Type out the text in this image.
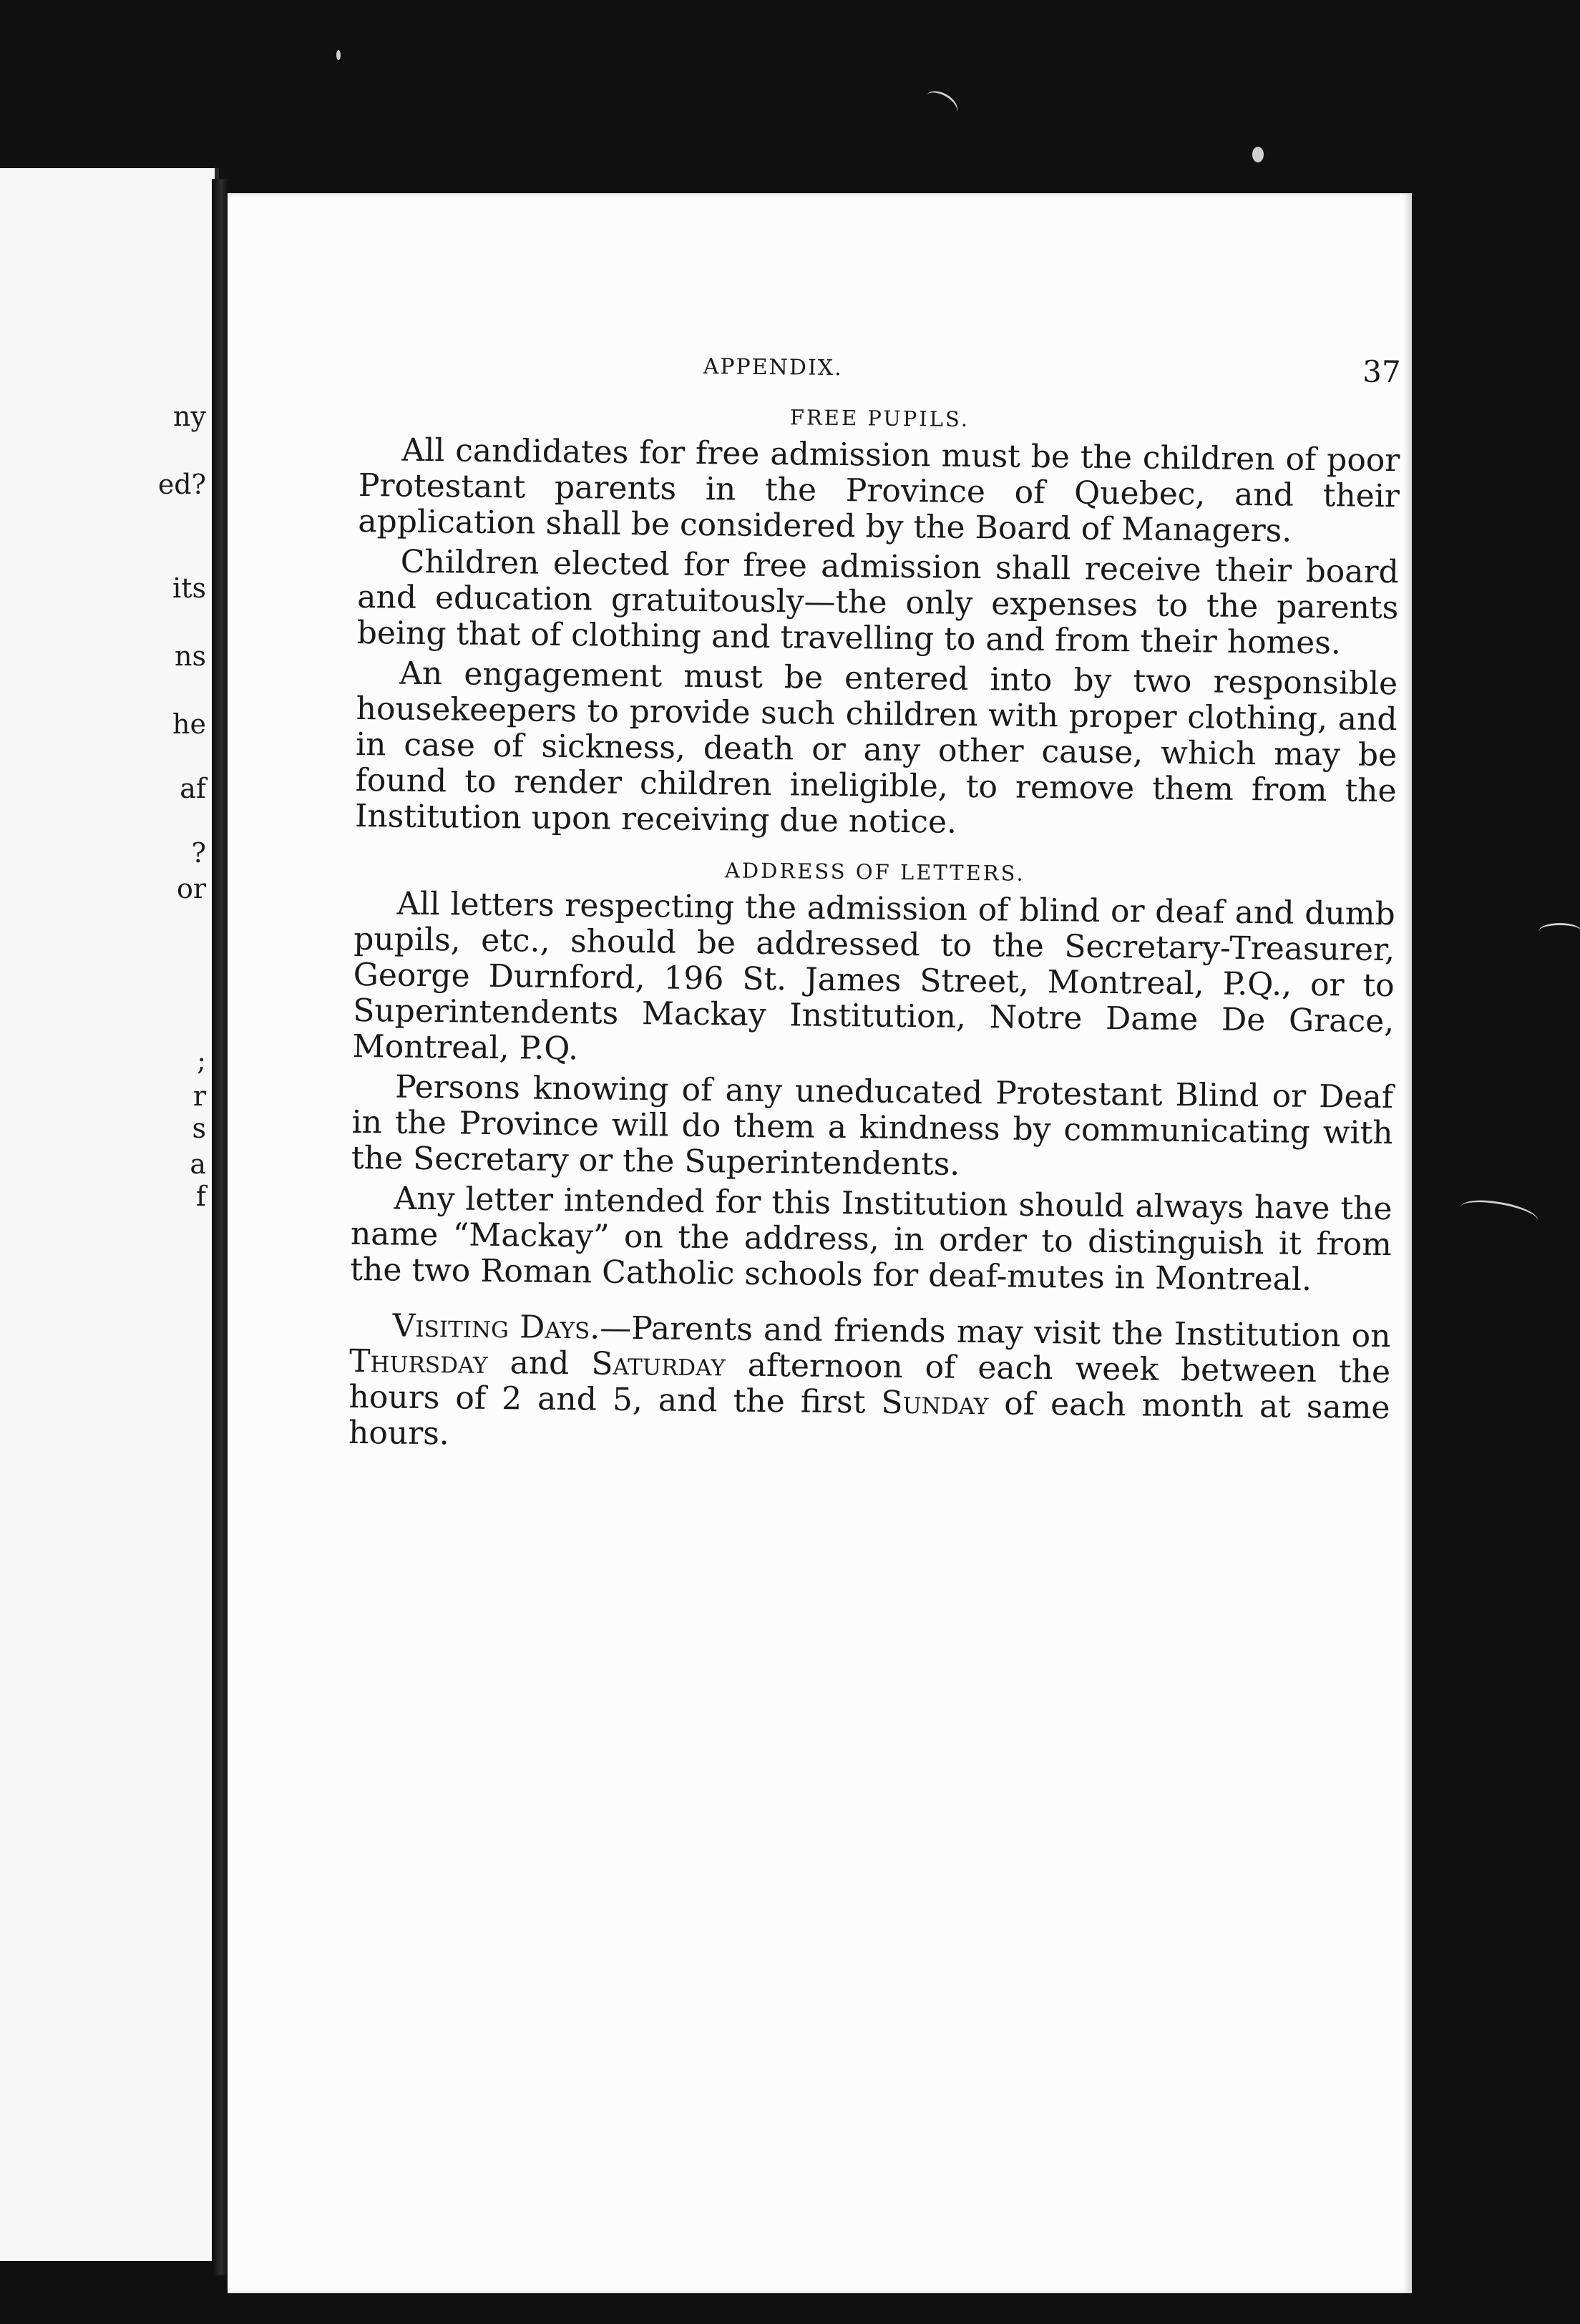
ny
ed?
its
ns
he
af
?
or
;
r
s
a
f
APPENDIX.	37
FREE PUPILS.

All candidates for free admission must be the children of poor Protestant parents in the Province of Quebec, and their application shall be considered by the Board of Managers.

Children elected for free admission shall receive their board and education gratuitously—the only expenses to the parents being that of clothing and travelling to and from their homes.

An engagement must be entered into by two responsible housekeepers to provide such children with proper clothing, and in case of sickness, death or any other cause, which may be found to render children ineligible, to remove them from the Institution upon receiving due notice.

ADDRESS OF LETTERS.

All letters respecting the admission of blind or deaf and dumb pupils, etc., should be addressed to the Secretary-Treasurer, George Durnford, 196 St. James Street, Montreal, P.Q., or to Superintendents Mackay Institution, Notre Dame De Grace, Montreal, P.Q.

Persons knowing of any uneducated Protestant Blind or Deaf in the Province will do them a kindness by communicating with the Secretary or the Superintendents.

Any letter intended for this Institution should always have the name “Mackay” on the address, in order to distinguish it from the two Roman Catholic schools for deaf-mutes in Montreal.

Visiting Days.—Parents and friends may visit the Institution on Thursday and Saturday afternoon of each week between the hours of 2 and 5, and the first Sunday of each month at same hours.
